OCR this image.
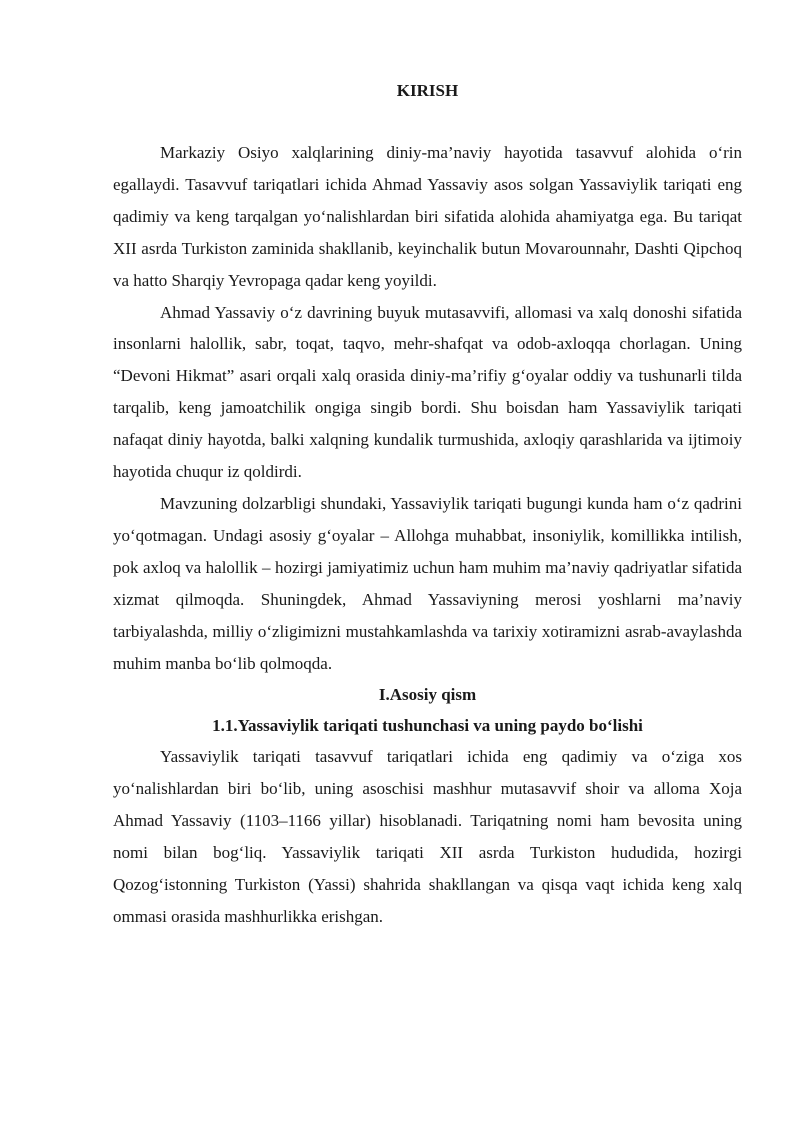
KIRISH

Markaziy Osiyo xalqlarining diniy-ma’naviy hayotida tasavvuf alohida o‘rin egallaydi. Tasavvuf tariqatlari ichida Ahmad Yassaviy asos solgan Yassaviylik tariqati eng qadimiy va keng tarqalgan yo‘nalishlardan biri sifatida alohida ahamiyatga ega. Bu tariqat XII asrda Turkiston zaminida shakllanib, keyinchalik butun Movarounnahr, Dashti Qipchoq va hatto Sharqiy Yevropaga qadar keng yoyildi.

Ahmad Yassaviy o‘z davrining buyuk mutasavvifi, allomasi va xalq donoshi sifatida insonlarni halollik, sabr, toqat, taqvo, mehr-shafqat va odob-axloqqa chorlagan. Uning “Devoni Hikmat” asari orqali xalq orasida diniy-ma’rifiy g‘oyalar oddiy va tushunarli tilda tarqalib, keng jamoatchilik ongiga singib bordi. Shu boisdan ham Yassaviylik tariqati nafaqat diniy hayotda, balki xalqning kundalik turmushida, axloqiy qarashlarida va ijtimoiy hayotida chuqur iz qoldirdi.

Mavzuning dolzarbligi shundaki, Yassaviylik tariqati bugungi kunda ham o‘z qadrini yo‘qotmagan. Undagi asosiy g‘oyalar – Allohga muhabbat, insoniylik, komillikka intilish, pok axloq va halollik – hozirgi jamiyatimiz uchun ham muhim ma’naviy qadriyatlar sifatida xizmat qilmoqda. Shuningdek, Ahmad Yassaviyning merosi yoshlarni ma’naviy tarbiyalashda, milliy o‘zligimizni mustahkamlashda va tarixiy xotiramizni asrab-avaylashda muhim manba bo‘lib qolmoqda.

I.Asosiy qism
1.1.Yassaviylik tariqati tushunchasi va uning paydo bo‘lishi

Yassaviylik tariqati tasavvuf tariqatlari ichida eng qadimiy va o‘ziga xos yo‘nalishlardan biri bo‘lib, uning asoschisi mashhur mutasavvif shoir va alloma Xoja Ahmad Yassaviy (1103–1166 yillar) hisoblanadi. Tariqatning nomi ham bevosita uning nomi bilan bog‘liq. Yassaviylik tariqati XII asrda Turkiston hududida, hozirgi Qozog‘istonning Turkiston (Yassi) shahrida shakllangan va qisqa vaqt ichida keng xalq ommasi orasida mashhurlikka erishgan.
